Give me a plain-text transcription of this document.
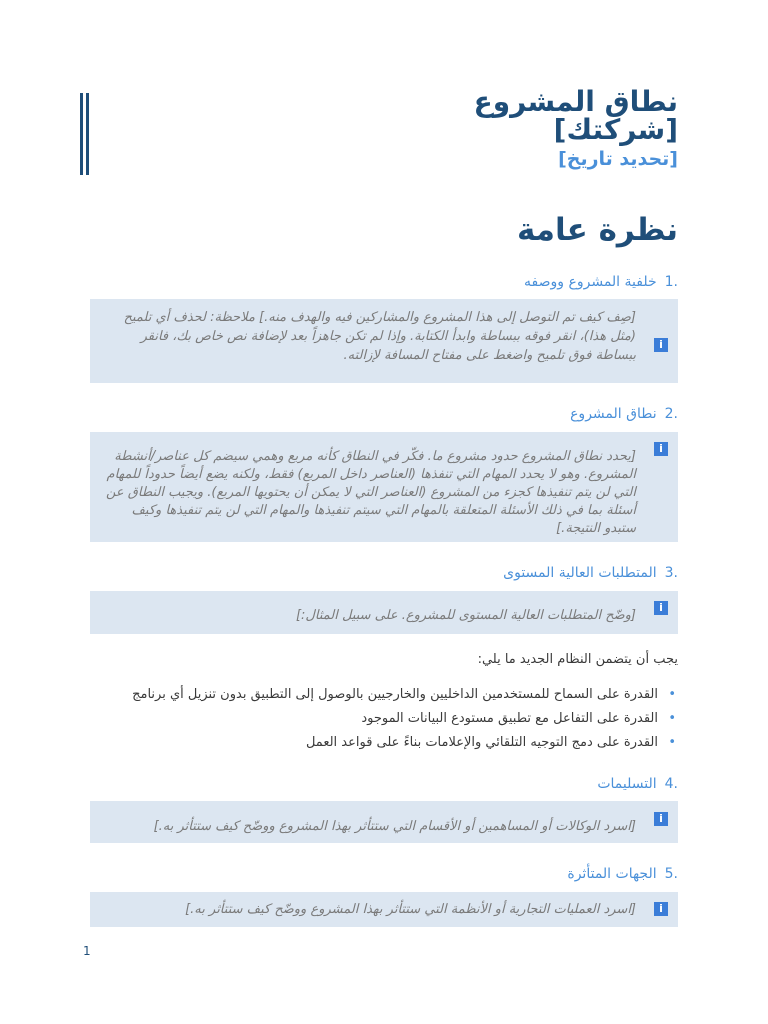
نطاق المشروع
[شركتك]
[تحديد تاريخ]
نظرة عامة
.1خلفية المشروع ووصفه
i

[صِف كيف تم التوصل إلى هذا المشروع والمشاركين فيه والهدف منه.] ملاحظة: لحذف أي تلميح (مثل هذا)، انقر فوقه ببساطة وابدأ الكتابة. وإذا لم تكن جاهزاً بعد لإضافة نص خاص بك، فانقر ببساطة فوق تلميح واضغط على مفتاح المسافة لإزالته.

.2نطاق المشروع
i

[يحدد نطاق المشروع حدود مشروع ما. فكّر في النطاق كأنه مربع وهمي سيضم كل عناصر/أنشطة المشروع. وهو لا يحدد المهام التي تنفذها (العناصر داخل المربع) فقط، ولكنه يضع أيضاً حدوداً للمهام التي لن يتم تنفيذها كجزء من المشروع (العناصر التي لا يمكن أن يحتويها المربع). ويجيب النطاق عن أسئلة بما في ذلك الأسئلة المتعلقة بالمهام التي سيتم تنفيذها والمهام التي لن يتم تنفيذها وكيف ستبدو النتيجة.]

.3المتطلبات العالية المستوى
i

[وضّح المتطلبات العالية المستوى للمشروع. على سبيل المثال:]

يجب أن يتضمن النظام الجديد ما يلي:
•
القدرة على السماح للمستخدمين الداخليين والخارجيين بالوصول إلى التطبيق بدون تنزيل أي برنامج
•
القدرة على التفاعل مع تطبيق مستودع البيانات الموجود
•
القدرة على دمج التوجيه التلقائي والإعلامات بناءً على قواعد العمل
.4التسليمات
i

[اسرد الوكالات أو المساهمين أو الأقسام التي ستتأثر بهذا المشروع ووضّح كيف ستتأثر به.]

.5الجهات المتأثرة
i

[اسرد العمليات التجارية أو الأنظمة التي ستتأثر بهذا المشروع ووضّح كيف ستتأثر به.]

1
